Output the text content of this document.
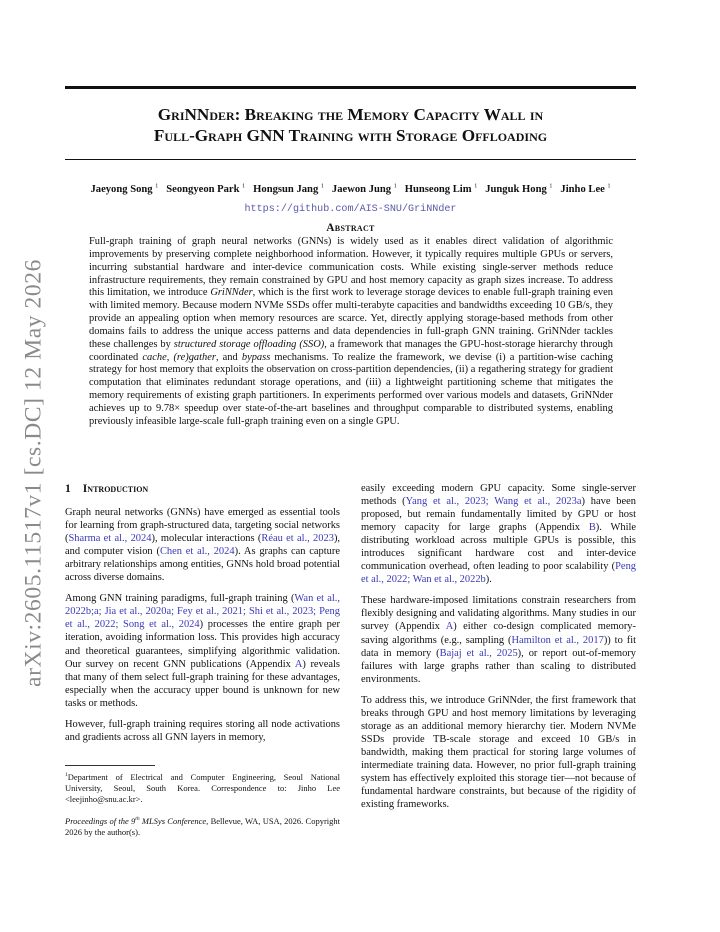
arXiv:2605.11517v1 [cs.DC] 12 May 2026
GriNNder: Breaking the Memory Capacity Wall in
Full-Graph GNN Training with Storage Offloading
Jaeyong Song $^1$ Seongyeon Park $^1$ Hongsun Jang $^1$ Jaewon Jung $^1$ Hunseong Lim $^1$ Junguk Hong $^1$ Jinho Lee $^1$
https://github.com/AIS-SNU/GriNNder
Abstract
Full-graph training of graph neural networks (GNNs) is widely used as it enables direct validation of algorithmic improvements by preserving complete neighborhood information. However, it typically requires multiple GPUs or servers, incurring substantial hardware and inter-device communication costs. While existing single-server methods reduce infrastructure requirements, they remain constrained by GPU and host memory capacity as graph sizes increase. To address this limitation, we introduce GriNNder, which is the first work to leverage storage devices to enable full-graph training even with limited memory. Because modern NVMe SSDs offer multi-terabyte capacities and bandwidths exceeding 10 GB/s, they provide an appealing option when memory resources are scarce. Yet, directly applying storage-based methods from other domains fails to address the unique access patterns and data dependencies in full-graph GNN training. GriNNder tackles these challenges by structured storage offloading (SSO), a framework that manages the GPU-host-storage hierarchy through coordinated cache, (re)gather, and bypass mechanisms. To realize the framework, we devise (i) a partition-wise caching strategy for host memory that exploits the observation on cross-partition dependencies, (ii) a regathering strategy for gradient computation that eliminates redundant storage operations, and (iii) a lightweight partitioning scheme that mitigates the memory requirements of existing graph partitioners. In experiments performed over various models and datasets, GriNNder achieves up to 9.78× speedup over state-of-the-art baselines and throughput comparable to distributed systems, enabling previously infeasible large-scale full-graph training even on a single GPU.
1 Introduction

Graph neural networks (GNNs) have emerged as essential tools for learning from graph-structured data, targeting social networks (Sharma et al., 2024), molecular interactions (Réau et al., 2023), and computer vision (Chen et al., 2024). As graphs can capture arbitrary relationships among entities, GNNs hold broad potential across diverse domains.

Among GNN training paradigms, full-graph training (Wan et al., 2022b;a; Jia et al., 2020a; Fey et al., 2021; Shi et al., 2023; Peng et al., 2022; Song et al., 2024) processes the entire graph per iteration, avoiding information loss. This provides high accuracy and theoretical guarantees, simplifying algorithmic validation. Our survey on recent GNN publications (Appendix A) reveals that many of them select full-graph training for these advantages, especially when the accuracy upper bound is unknown for new tasks or methods.

However, full-graph training requires storing all node activations and gradients across all GNN layers in memory,

easily exceeding modern GPU capacity. Some single-server methods (Yang et al., 2023; Wang et al., 2023a) have been proposed, but remain fundamentally limited by GPU or host memory capacity for large graphs (Appendix B). While distributing workload across multiple GPUs is possible, this introduces significant hardware cost and inter-device communication overhead, often leading to poor scalability (Peng et al., 2022; Wan et al., 2022b).

These hardware-imposed limitations constrain researchers from flexibly designing and validating algorithms. Many studies in our survey (Appendix A) either co-design complicated memory-saving algorithms (e.g., sampling (Hamilton et al., 2017)) to fit data in memory (Bajaj et al., 2025), or report out-of-memory failures with large graphs rather than scaling to distributed environments.

To address this, we introduce GriNNder, the first framework that breaks through GPU and host memory limitations by leveraging storage as an additional memory hierarchy tier. Modern NVMe SSDs provide TB-scale storage and exceed 10 GB/s in bandwidth, making them practical for storing large volumes of intermediate training data. However, no prior full-graph training system has effectively exploited this storage tier—not because of fundamental hardware constraints, but because of the rigidity of existing frameworks.

$^1$Department of Electrical and Computer Engineering, Seoul National University, Seoul, South Korea. Correspondence to: Jinho Lee <leejinho@snu.ac.kr>.
Proceedings of the 9th MLSys Conference, Bellevue, WA, USA, 2026. Copyright 2026 by the author(s).
